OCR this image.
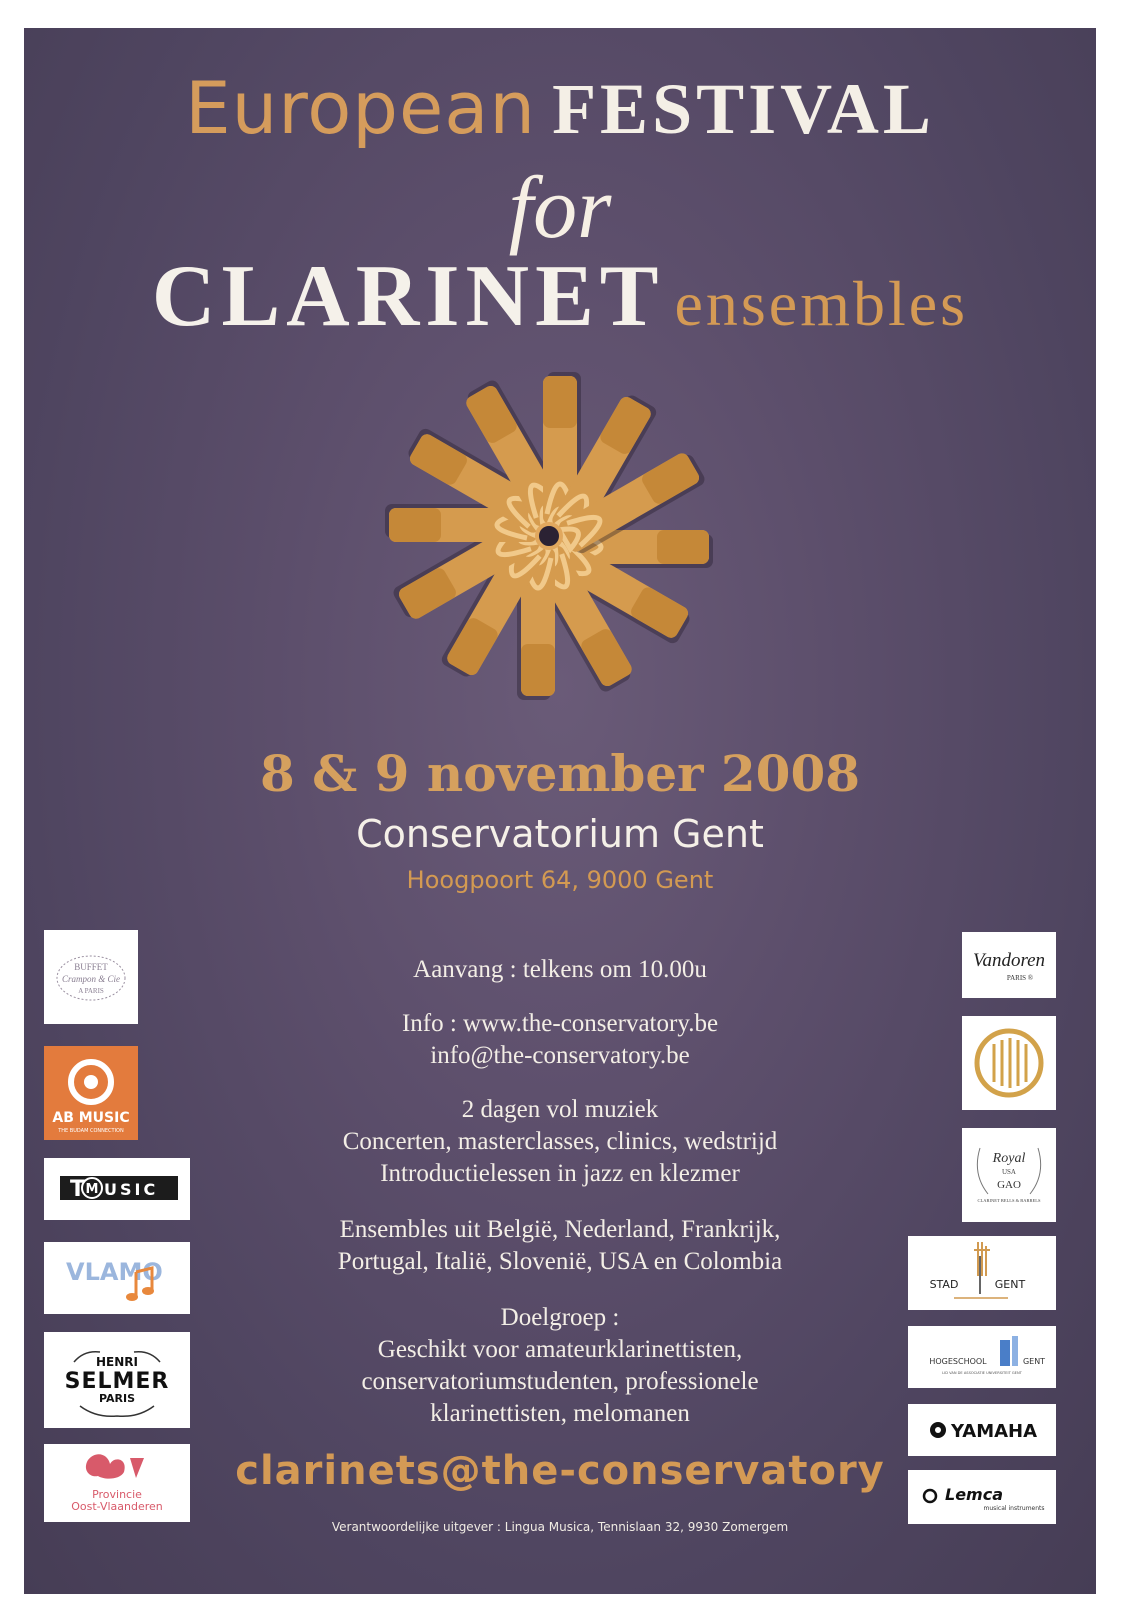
European FESTIVAL
for
CLARINET ensembles
8 & 9 november 2008
Conservatorium Gent
Hoogpoort 64, 9000 Gent
Aanvang : telkens om 10.00u
Info : www.the-conservatory.be
info@the-conservatory.be
2 dagen vol muziek
Concerten, masterclasses, clinics, wedstrijd
Introductielessen in jazz en klezmer
Ensembles uit België, Nederland, Frankrijk,
Portugal, Italië, Slovenië, USA en Colombia
Doelgroep :
Geschikt voor amateurklarinettisten,
conservatoriumstudenten, professionele
klarinettisten, melomanen
clarinets@the-conservatory
Verantwoordelijke uitgever : Lingua Musica, Tennislaan 32, 9930 Zomergem
BUFFET
Crampon & Cie
A PARIS
AB MUSIC
THE BUDAM CONNECTION
T M USIC
VLAMO
HENRI
SELMER
PARIS
Provincie
Oost-Vlaanderen
Vandoren
PARIS ®
Royal
USA
GAO
CLARINET BELLS & BARRELS
STAD	GENT
HOGESCHOOL	GENT
LID VAN DE ASSOCIATIE UNIVERSITEIT GENT
YAMAHA
Lemca
musical instruments
